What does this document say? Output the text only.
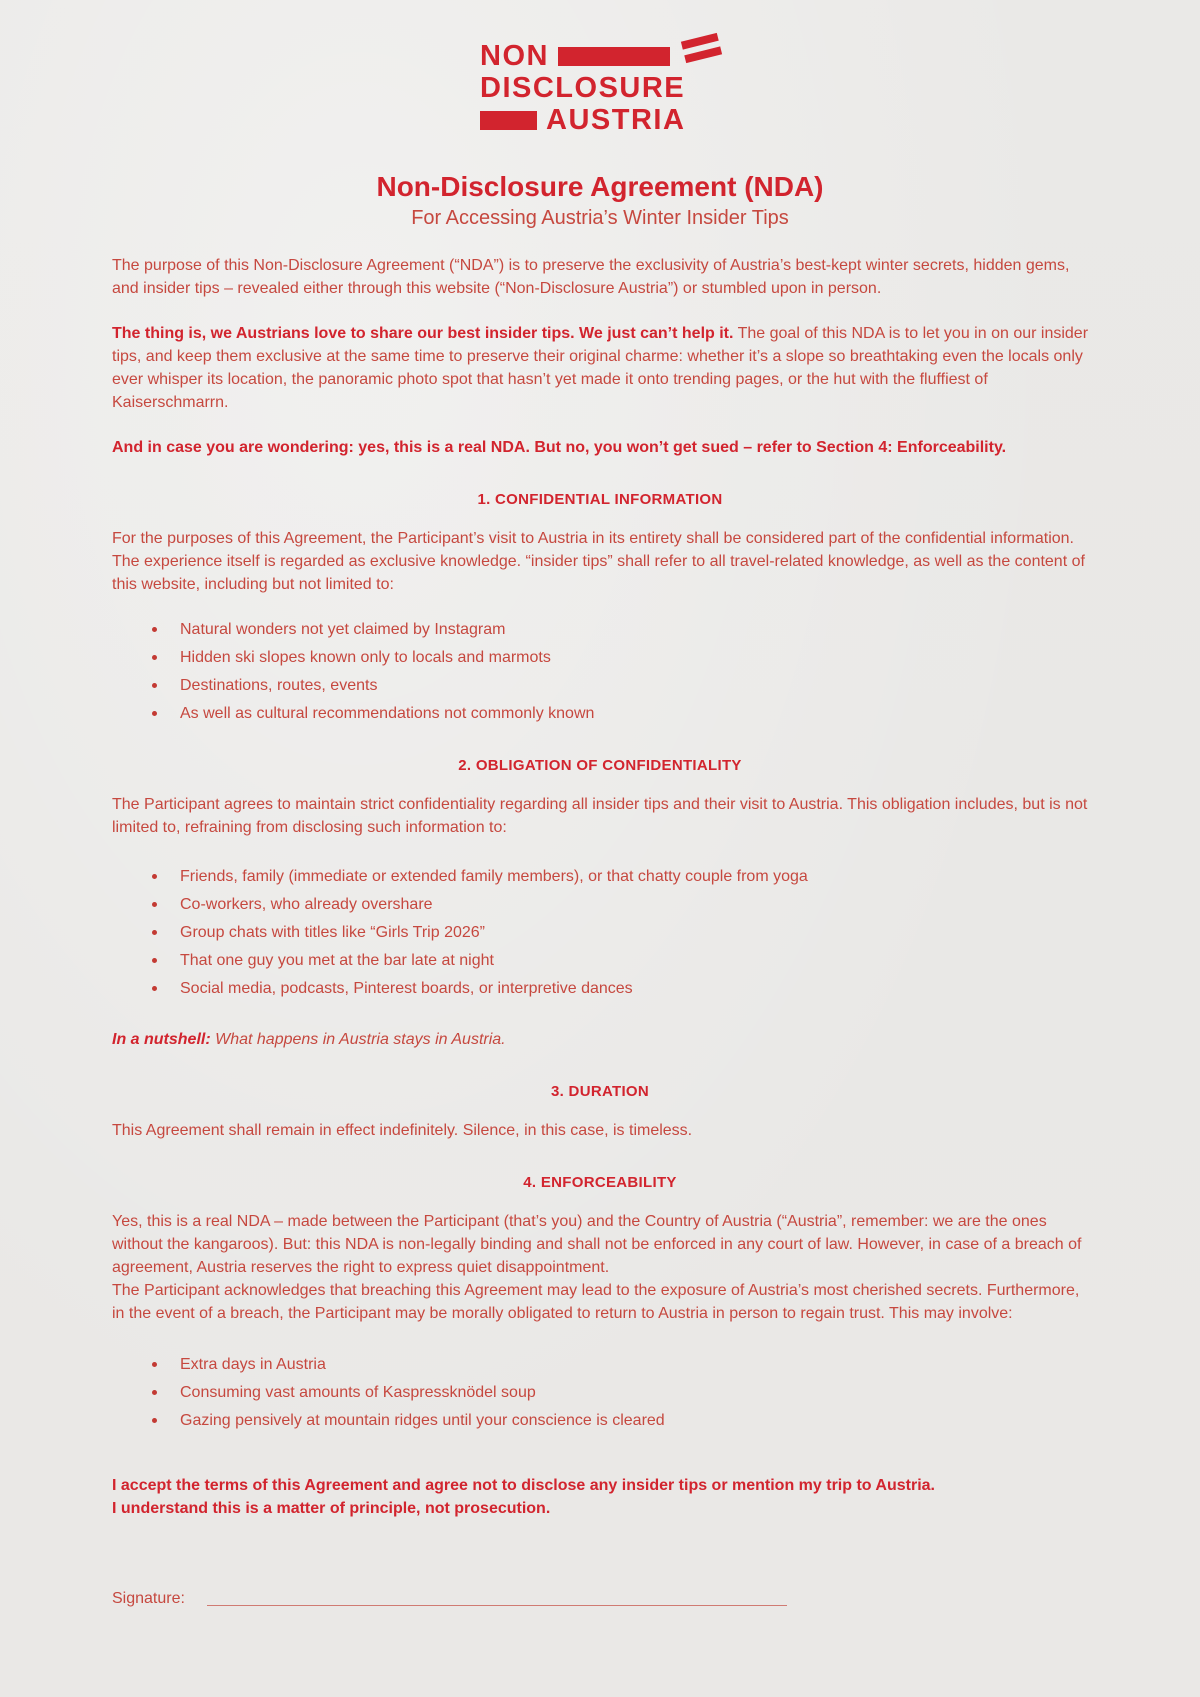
NON
DISCLOSURE
AUSTRIA
Non-Disclosure Agreement (NDA)
For Accessing Austria’s Winter Insider Tips

The purpose of this Non-Disclosure Agreement (“NDA”) is to preserve the exclusivity of Austria’s best-kept winter secrets, hidden gems, and insider tips – revealed either through this website (“Non-Disclosure Austria”) or stumbled upon in person.

The thing is, we Austrians love to share our best insider tips. We just can’t help it. The goal of this NDA is to let you in on our insider tips, and keep them exclusive at the same time to preserve their original charme: whether it’s a slope so breathtaking even the locals only ever whisper its location, the panoramic photo spot that hasn’t yet made it onto trending pages, or the hut with the fluffiest of Kaiserschmarrn.

And in case you are wondering: yes, this is a real NDA. But no, you won’t get sued – refer to Section 4: Enforceability.

1. CONFIDENTIAL INFORMATION

For the purposes of this Agreement, the Participant’s visit to Austria in its entirety shall be considered part of the confidential information. The experience itself is regarded as exclusive knowledge. “insider tips” shall refer to all travel-related knowledge, as well as the content of this website, including but not limited to:

Natural wonders not yet claimed by Instagram
Hidden ski slopes known only to locals and marmots
Destinations, routes, events
As well as cultural recommendations not commonly known
2. OBLIGATION OF CONFIDENTIALITY

The Participant agrees to maintain strict confidentiality regarding all insider tips and their visit to Austria. This obligation includes, but is not limited to, refraining from disclosing such information to:

Friends, family (immediate or extended family members), or that chatty couple from yoga
Co-workers, who already overshare
Group chats with titles like “Girls Trip 2026”
That one guy you met at the bar late at night
Social media, podcasts, Pinterest boards, or interpretive dances

In a nutshell: What happens in Austria stays in Austria.

3. DURATION

This Agreement shall remain in effect indefinitely. Silence, in this case, is timeless.

4. ENFORCEABILITY

Yes, this is a real NDA – made between the Participant (that’s you) and the Country of Austria (“Austria”, remember: we are the ones without the kangaroos). But: this NDA is non-legally binding and shall not be enforced in any court of law. However, in case of a breach of agreement, Austria reserves the right to express quiet disappointment.
The Participant acknowledges that breaching this Agreement may lead to the exposure of Austria’s most cherished secrets. Furthermore, in the event of a breach, the Participant may be morally obligated to return to Austria in person to regain trust. This may involve:

Extra days in Austria
Consuming vast amounts of Kaspressknödel soup
Gazing pensively at mountain ridges until your conscience is cleared
I accept the terms of this Agreement and agree not to disclose any insider tips or mention my trip to Austria.
I understand this is a matter of principle, not prosecution.
Signature:
